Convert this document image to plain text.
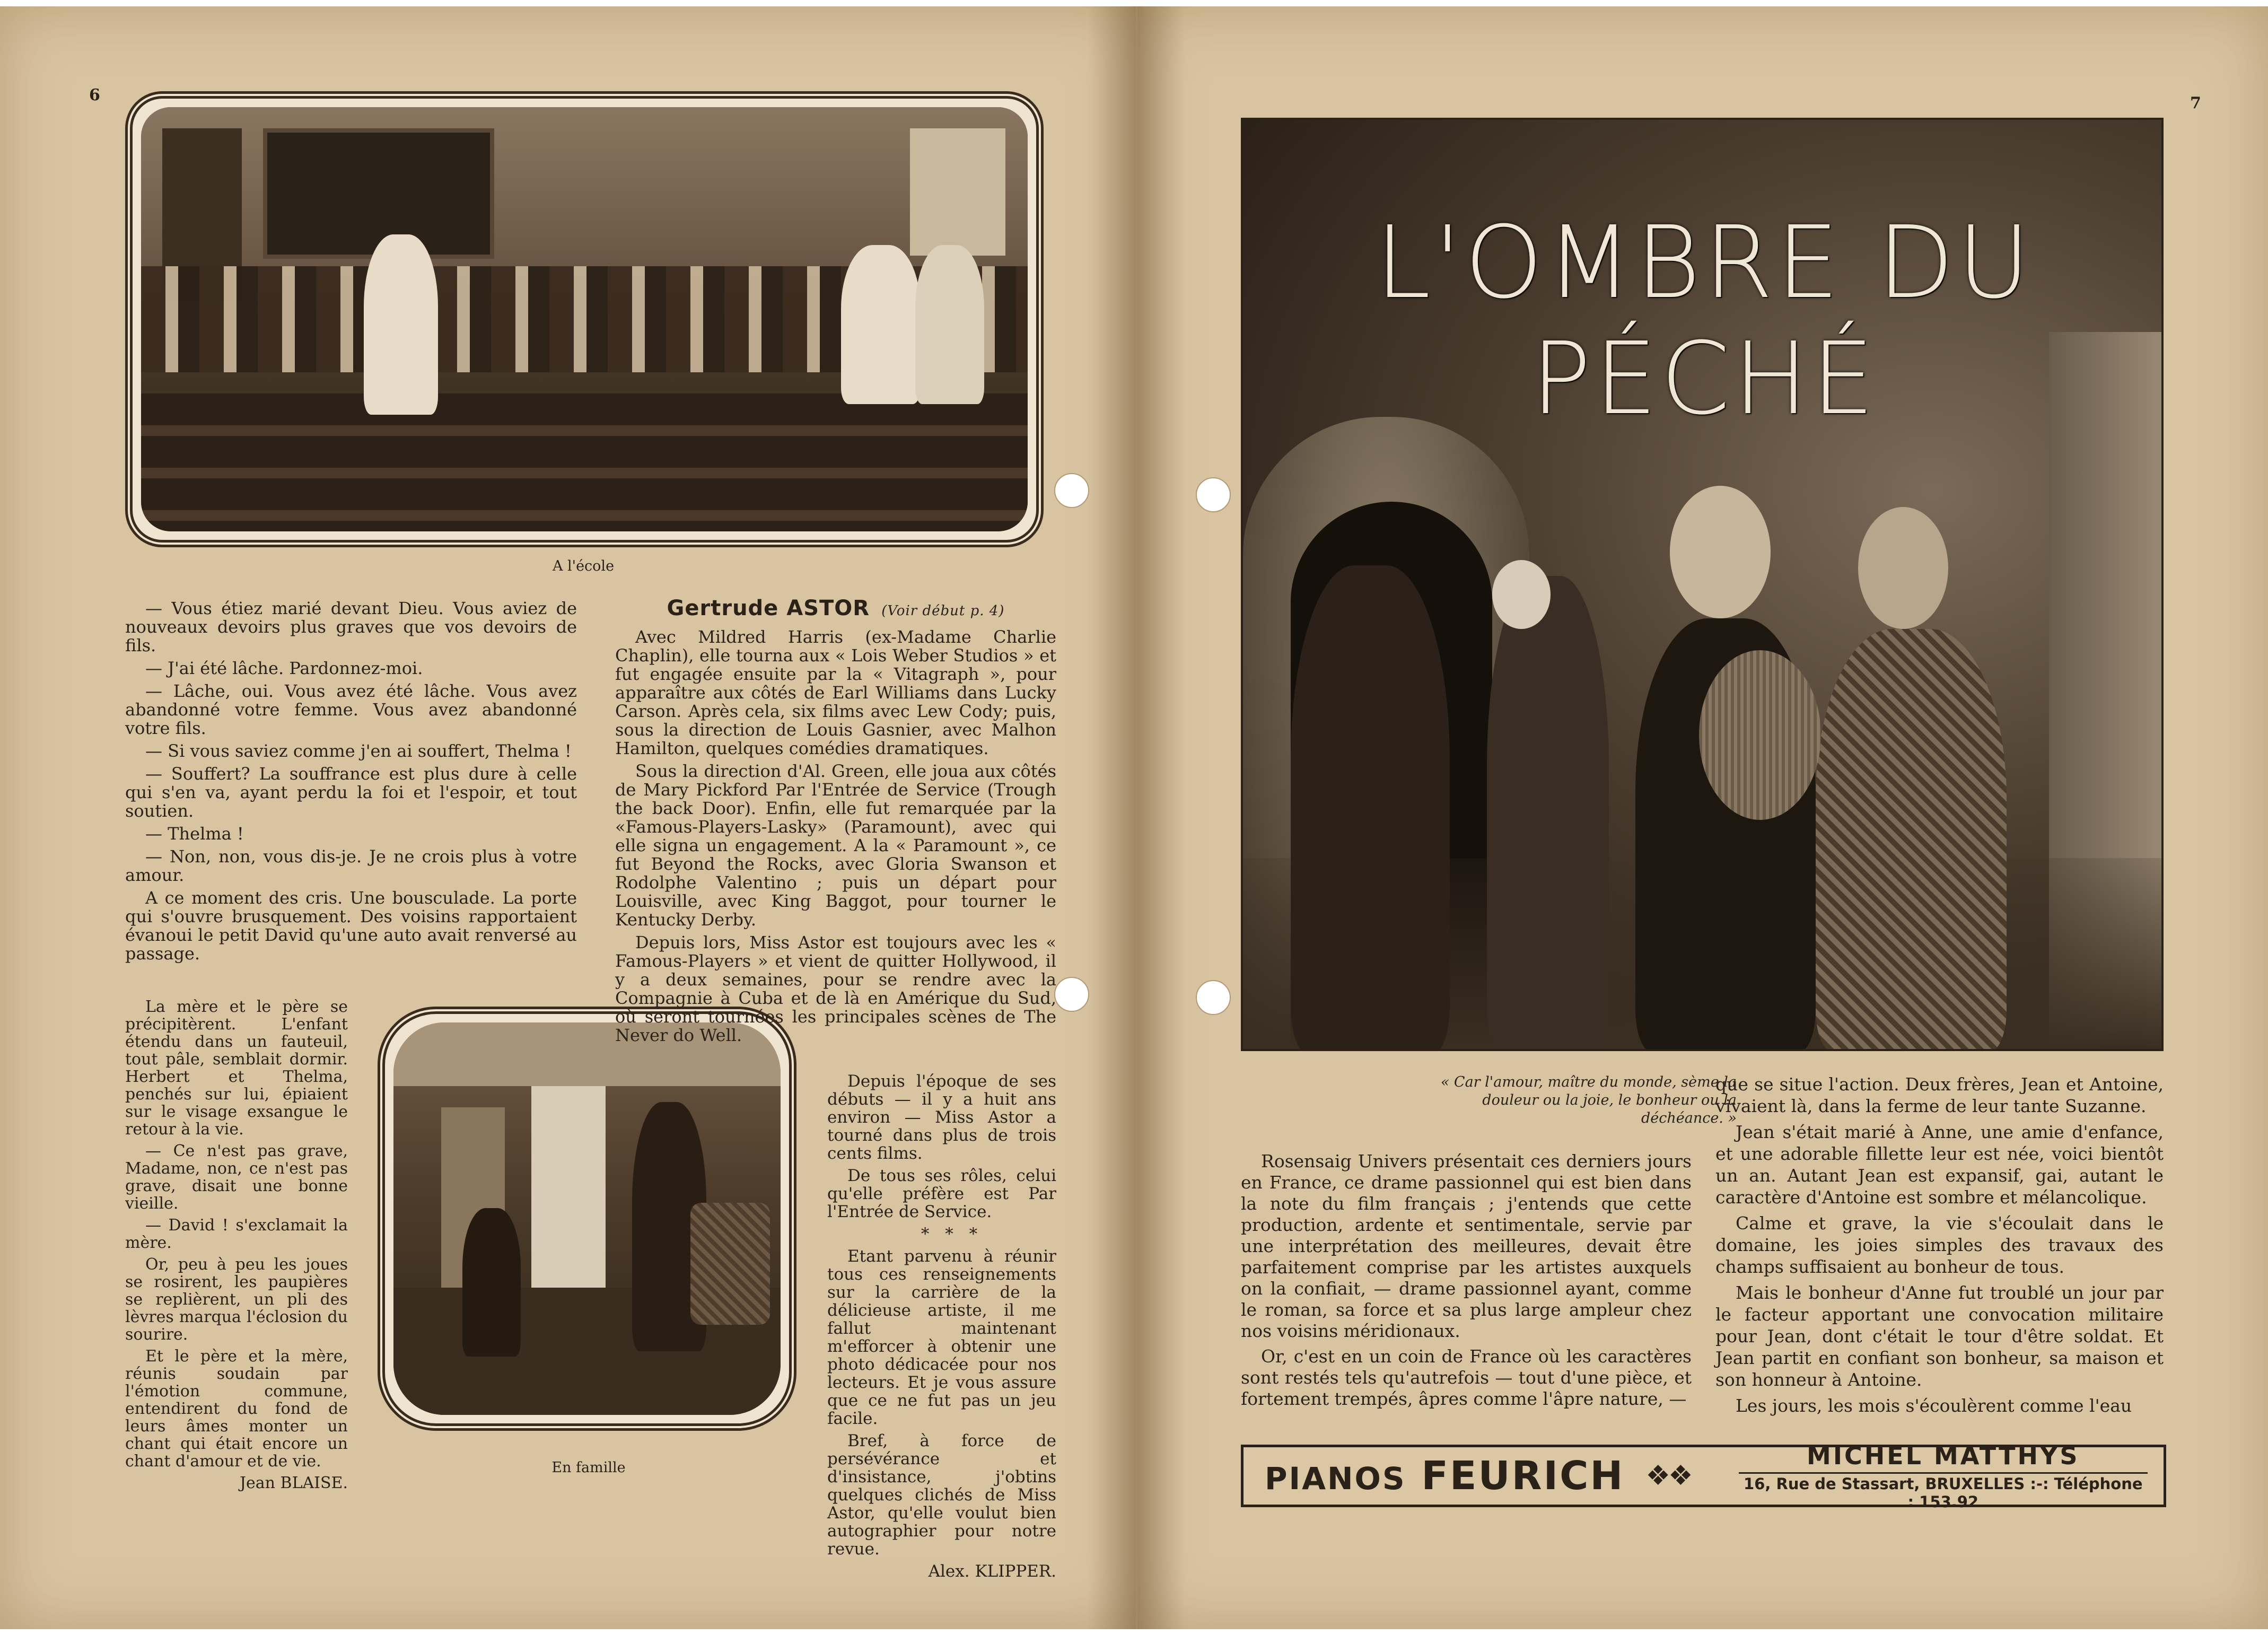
6
A l'école

— Vous étiez marié devant Dieu. Vous aviez de nouveaux devoirs plus graves que vos devoirs de fils.

— J'ai été lâche. Pardonnez-moi.

— Lâche, oui. Vous avez été lâche. Vous avez abandonné votre femme. Vous avez abandonné votre fils.

— Si vous saviez comme j'en ai souffert, Thelma !

— Souffert? La souffrance est plus dure à celle qui s'en va, ayant perdu la foi et l'espoir, et tout soutien.

— Thelma !

— Non, non, vous dis-je. Je ne crois plus à votre amour.

A ce moment des cris. Une bousculade. La porte qui s'ouvre brusquement. Des voisins rapportaient évanoui le petit David qu'une auto avait renversé au passage.

La mère et le père se précipitèrent. L'enfant étendu dans un fauteuil, tout pâle, semblait dormir. Herbert et Thelma, penchés sur lui, épiaient sur le visage exsangue le retour à la vie.

— Ce n'est pas grave, Madame, non, ce n'est pas grave, disait une bonne vieille.

— David ! s'exclamait la mère.

Or, peu à peu les joues se rosirent, les paupières se replièrent, un pli des lèvres marqua l'éclosion du sourire.

Et le père et la mère, réunis soudain par l'émotion commune, entendirent du fond de leurs âmes monter un chant qui était encore un chant d'amour et de vie.

Jean BLAISE.

En famille
Gertrude ASTOR (Voir début p. 4)

Avec Mildred Harris (ex-Madame Charlie Chaplin), elle tourna aux « Lois Weber Studios » et fut engagée ensuite par la « Vitagraph », pour apparaître aux côtés de Earl Williams dans Lucky Carson. Après cela, six films avec Lew Cody; puis, sous la direction de Louis Gasnier, avec Malhon Hamilton, quelques comédies dramatiques.

Sous la direction d'Al. Green, elle joua aux côtés de Mary Pickford Par l'Entrée de Service (Trough the back Door). Enfin, elle fut remarquée par la «Famous-Players-Lasky» (Paramount), avec qui elle signa un engagement. A la « Paramount », ce fut Beyond the Rocks, avec Gloria Swanson et Rodolphe Valentino ; puis un départ pour Louisville, avec King Baggot, pour tourner le Kentucky Derby.

Depuis lors, Miss Astor est toujours avec les « Famous-Players » et vient de quitter Hollywood, il y a deux semaines, pour se rendre avec la Compagnie à Cuba et de là en Amérique du Sud, où seront tournées les principales scènes de The Never do Well.

Depuis l'époque de ses débuts — il y a huit ans environ — Miss Astor a tourné dans plus de trois cents films.

De tous ses rôles, celui qu'elle préfère est Par l'Entrée de Service.

* * *

Etant parvenu à réunir tous ces renseignements sur la carrière de la délicieuse artiste, il me fallut maintenant m'efforcer à obtenir une photo dédicacée pour nos lecteurs. Et je vous assure que ce ne fut pas un jeu facile.

Bref, à force de persévérance et d'insistance, j'obtins quelques clichés de Miss Astor, qu'elle voulut bien autographier pour notre revue.

Alex. KLIPPER.

7
L'OMBRE DU PÉCHÉ
« Car l'amour, maître du monde, sème la douleur ou la joie, le bonheur ou la déchéance. »

Rosensaig Univers présentait ces derniers jours en France, ce drame passionnel qui est bien dans la note du film français ; j'entends que cette production, ardente et sentimentale, servie par une interprétation des meilleures, devait être parfaitement comprise par les artistes auxquels on la confiait, — drame passionnel ayant, comme le roman, sa force et sa plus large ampleur chez nos voisins méridionaux.

Or, c'est en un coin de France où les caractères sont restés tels qu'autrefois — tout d'une pièce, et fortement trempés, âpres comme l'âpre nature, —

que se situe l'action. Deux frères, Jean et Antoine, vivaient là, dans la ferme de leur tante Suzanne.

Jean s'était marié à Anne, une amie d'enfance, et une adorable fillette leur est née, voici bientôt un an. Autant Jean est expansif, gai, autant le caractère d'Antoine est sombre et mélancolique.

Calme et grave, la vie s'écoulait dans le domaine, les joies simples des travaux des champs suffisaient au bonheur de tous.

Mais le bonheur d'Anne fut troublé un jour par le facteur apportant une convocation militaire pour Jean, dont c'était le tour d'être soldat. Et Jean partit en confiant son bonheur, sa maison et son honneur à Antoine.

Les jours, les mois s'écoulèrent comme l'eau

PIANOS FEURICH ❖❖
MICHEL MATTHYS
16, Rue de Stassart, BRUXELLES :-: Téléphone : 153.92
